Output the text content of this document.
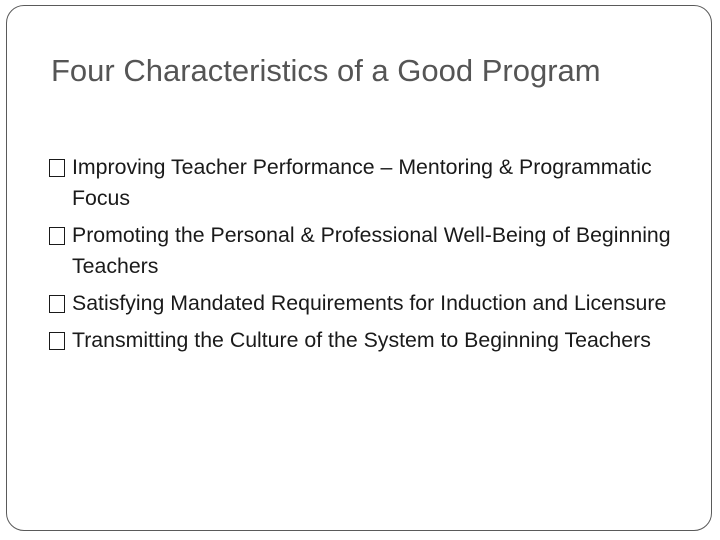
Four Characteristics of a Good Program
Improving Teacher Performance – Mentoring & Programmatic Focus
Promoting the Personal & Professional Well-Being of Beginning Teachers
Satisfying Mandated Requirements for Induction and Licensure
Transmitting the Culture of the System to Beginning Teachers
